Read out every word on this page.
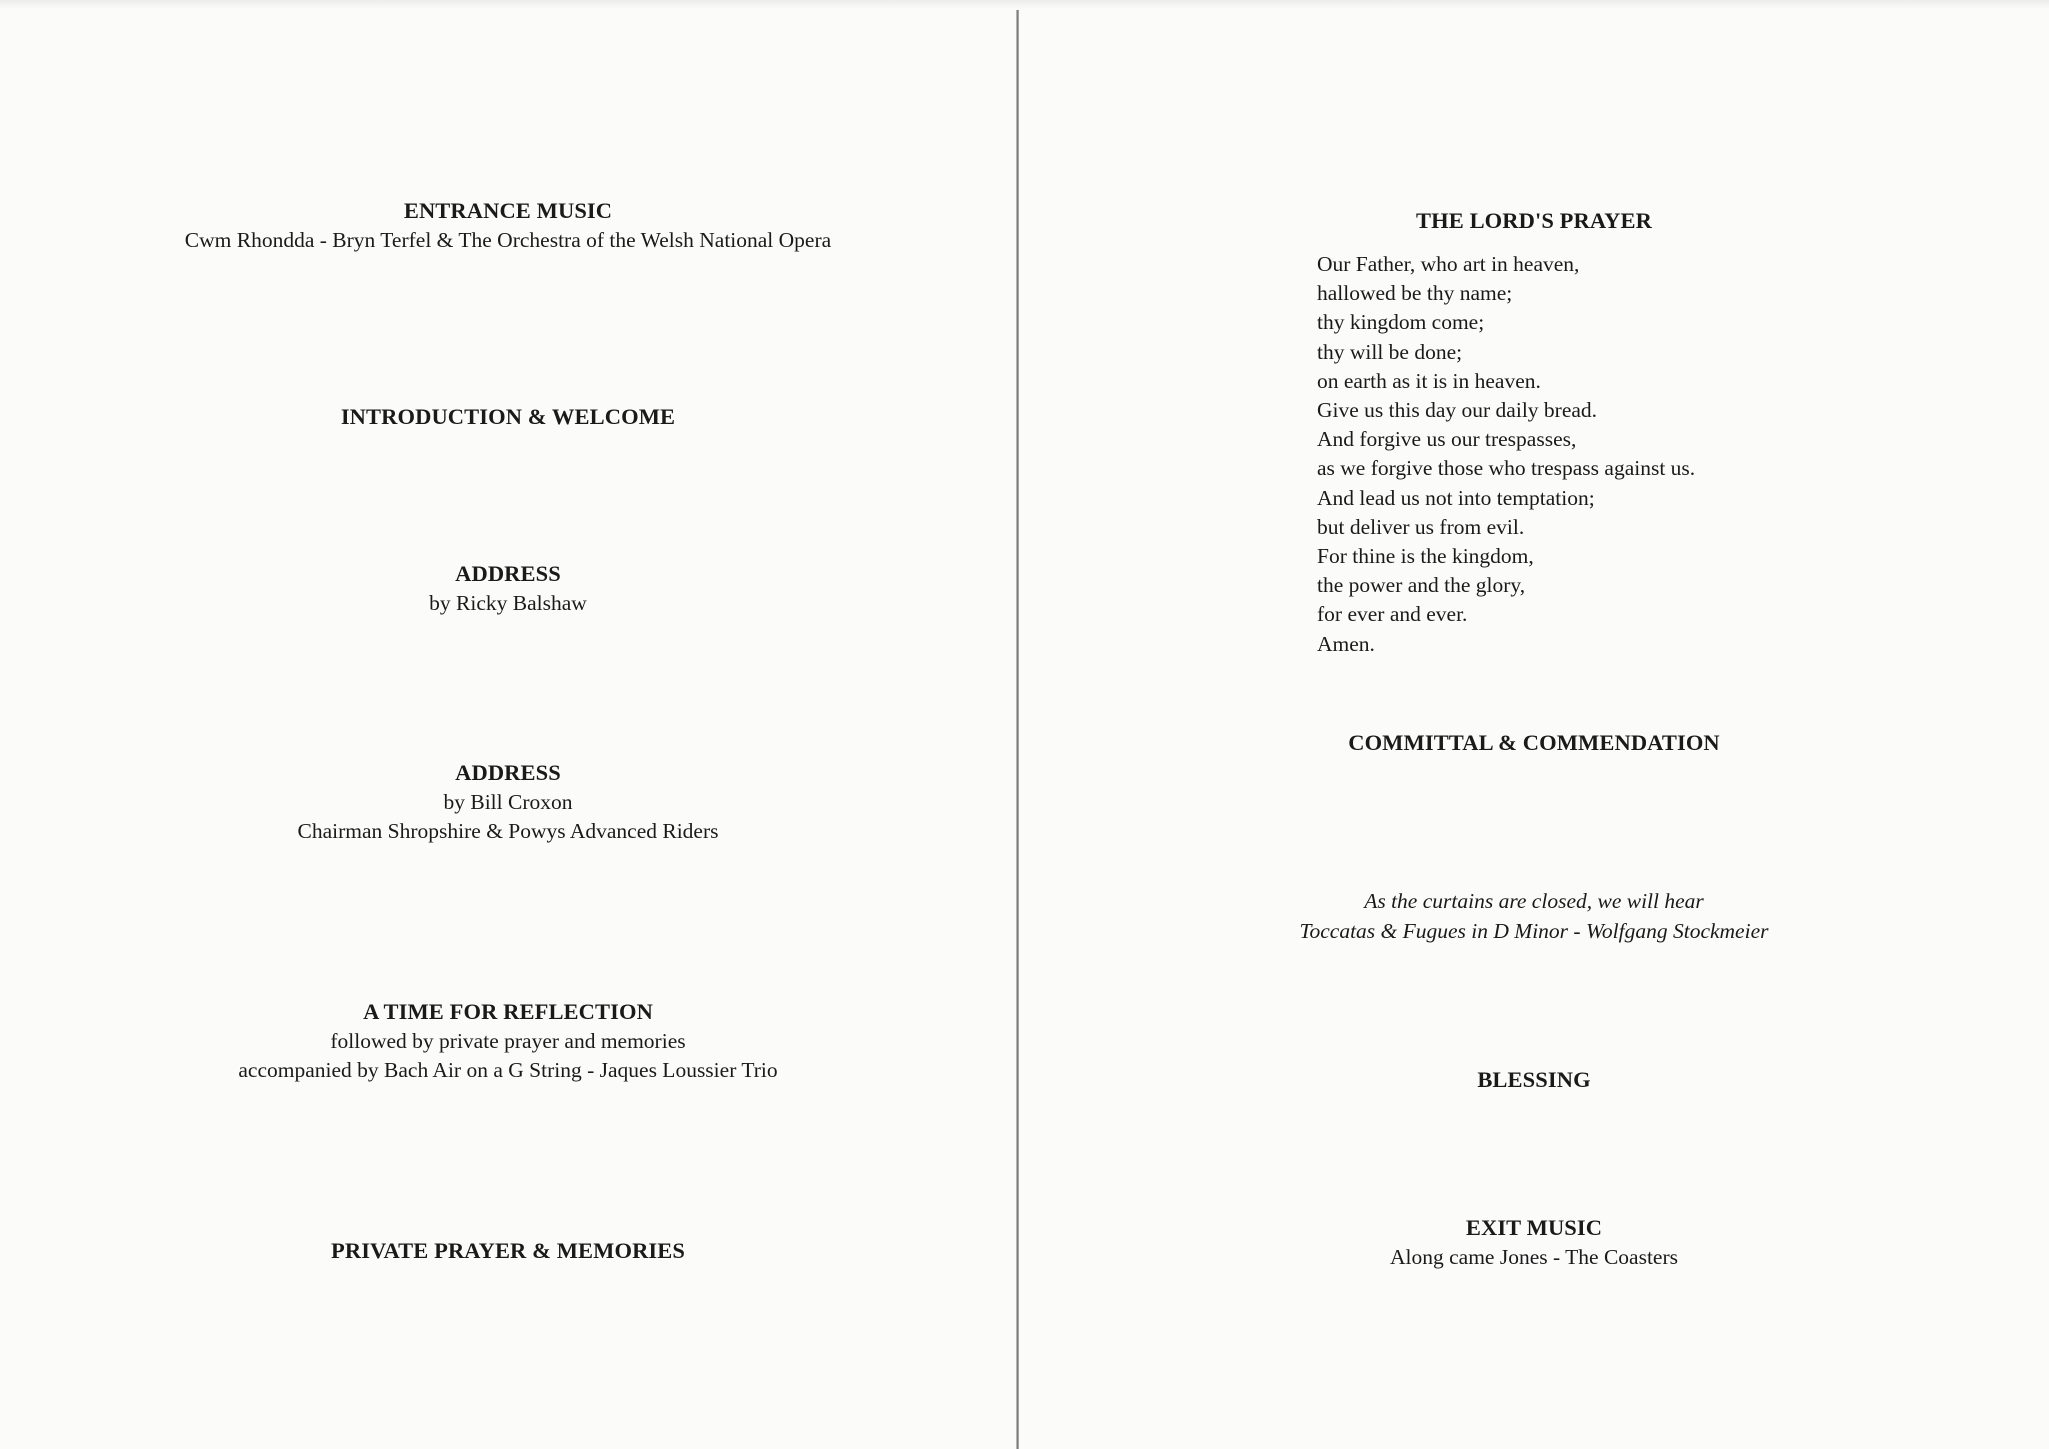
ENTRANCE MUSIC
Cwm Rhondda - Bryn Terfel & The Orchestra of the Welsh National Opera
INTRODUCTION & WELCOME
ADDRESS
by Ricky Balshaw
ADDRESS
by Bill Croxon
Chairman Shropshire & Powys Advanced Riders
A TIME FOR REFLECTION
followed by private prayer and memories
accompanied by Bach Air on a G String - Jaques Loussier Trio
PRIVATE PRAYER & MEMORIES
THE LORD'S PRAYER
Our Father, who art in heaven,
hallowed be thy name;
thy kingdom come;
thy will be done;
on earth as it is in heaven.
Give us this day our daily bread.
And forgive us our trespasses,
as we forgive those who trespass against us.
And lead us not into temptation;
but deliver us from evil.
For thine is the kingdom,
the power and the glory,
for ever and ever.
Amen.
COMMITTAL & COMMENDATION
As the curtains are closed, we will hear
Toccatas & Fugues in D Minor - Wolfgang Stockmeier
BLESSING
EXIT MUSIC
Along came Jones - The Coasters
